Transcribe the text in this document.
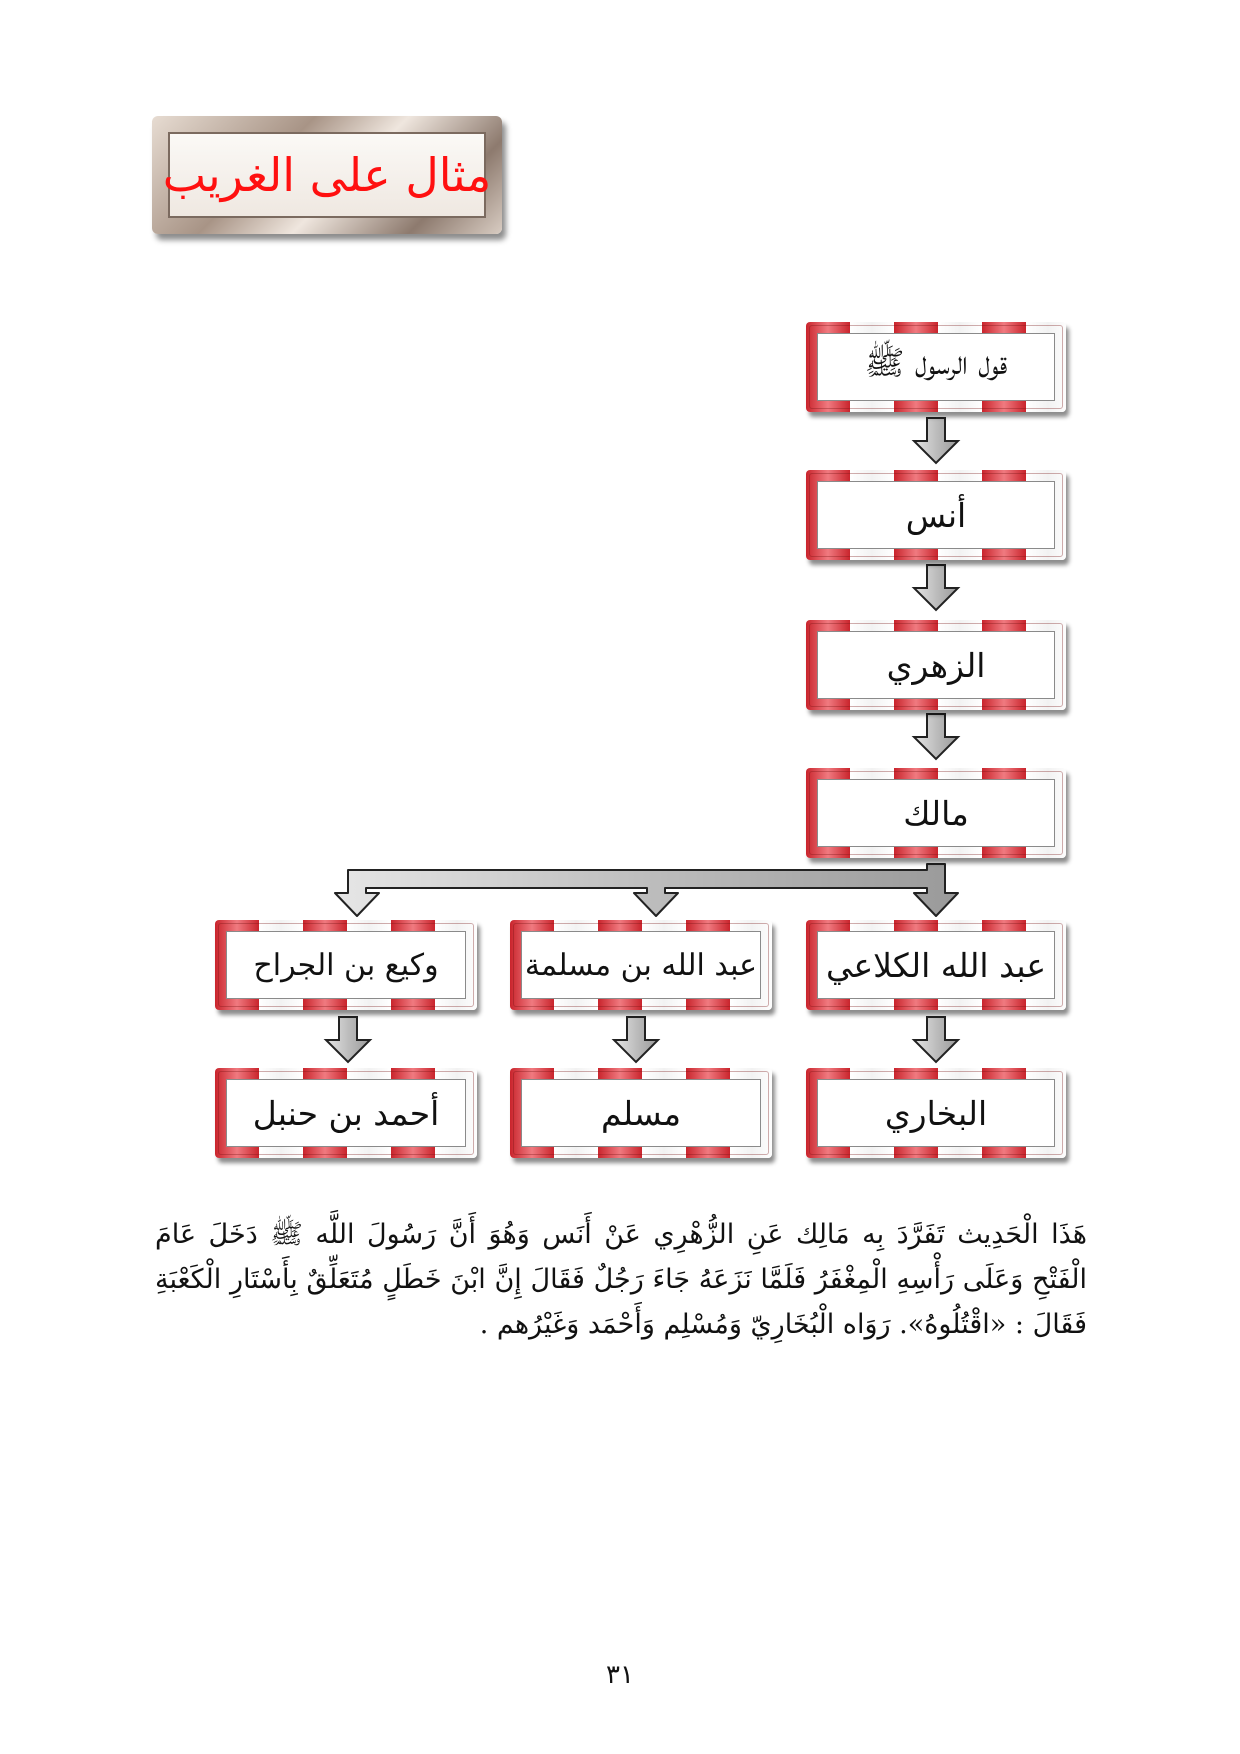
مثال على الغريب
قول الرسول ﷺ
أنس
الزهري
مالك
عبد الله الكلاعي
عبد الله بن مسلمة
وكيع بن الجراح
البخاري
مسلم
أحمد بن حنبل

هَذَا الْحَدِيث تَفَرَّدَ بِه مَالِك عَنِ الزُّهْرِي عَنْ أَنَس وَهُوَ أَنَّ رَسُولَ اللَّه ﷺ دَخَلَ عَامَ الْفَتْحِ وَعَلَى رَأْسِهِ الْمِغْفَرُ فَلَمَّا نَزَعَهُ جَاءَ رَجُلٌ فَقَالَ إِنَّ ابْنَ خَطَلٍ مُتَعَلِّقٌ بِأَسْتَارِ الْكَعْبَةِ فَقَالَ : «اقْتُلُوهُ». رَوَاه الْبُخَارِيّ وَمُسْلِم وَأَحْمَد وَغَيْرُهم .

٣١
